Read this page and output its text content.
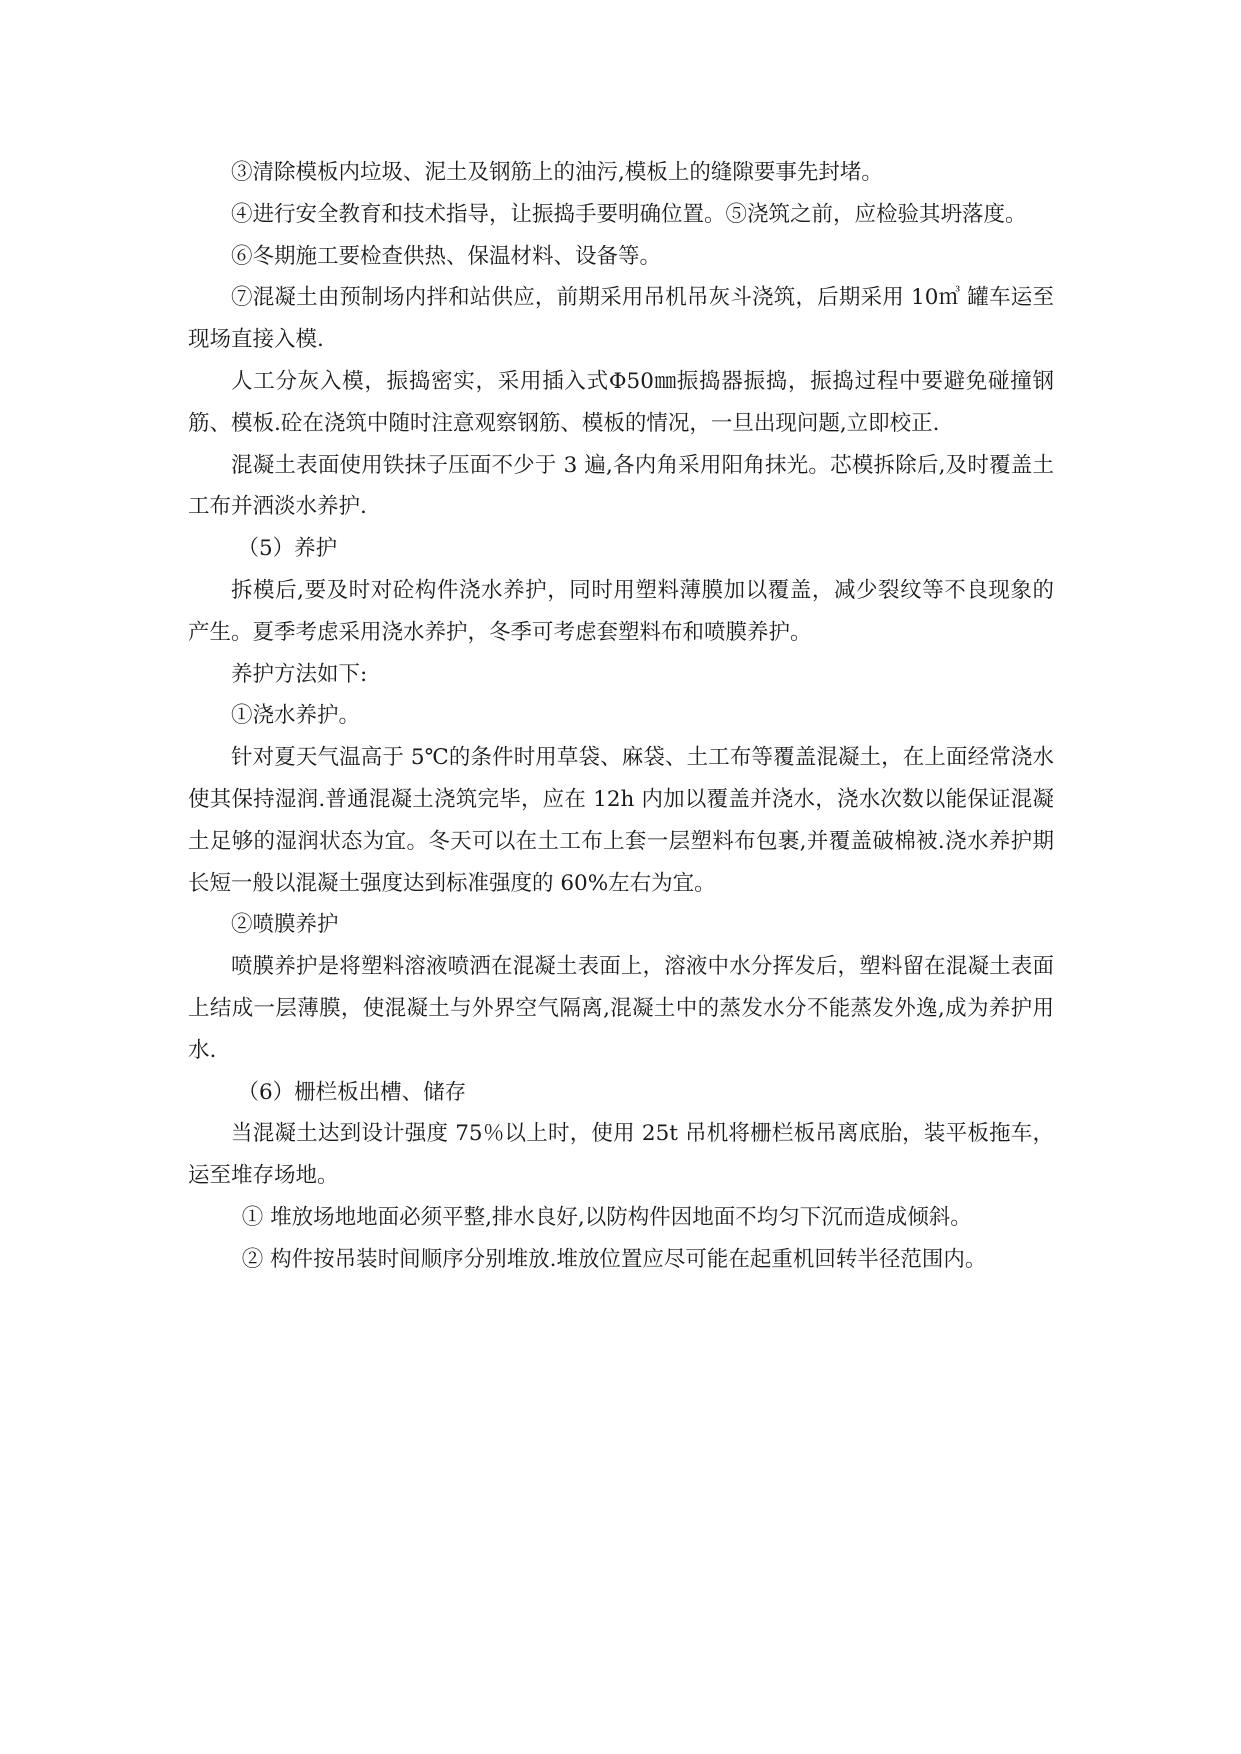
③清除模板内垃圾、泥土及钢筋上的油污,模板上的缝隙要事先封堵。

④进行安全教育和技术指导，让振捣手要明确位置。⑤浇筑之前，应检验其坍落度。

⑥冬期施工要检查供热、保温材料、设备等。

⑦混凝土由预制场内拌和站供应，前期采用吊机吊灰斗浇筑，后期采用 10㎥ 罐车运至现场直接入模.

人工分灰入模，振捣密实，采用插入式Φ50㎜振捣器振捣，振捣过程中要避免碰撞钢筋、模板.砼在浇筑中随时注意观察钢筋、模板的情况，一旦出现问题,立即校正.

混凝土表面使用铁抹子压面不少于 3 遍,各内角采用阳角抹光。芯模拆除后,及时覆盖土工布并洒淡水养护.

（5）养护

拆模后,要及时对砼构件浇水养护，同时用塑料薄膜加以覆盖，减少裂纹等不良现象的产生。夏季考虑采用浇水养护，冬季可考虑套塑料布和喷膜养护。

养护方法如下:

①浇水养护。

针对夏天气温高于 5℃的条件时用草袋、麻袋、土工布等覆盖混凝土，在上面经常浇水使其保持湿润.普通混凝土浇筑完毕，应在 12h 内加以覆盖并浇水，浇水次数以能保证混凝土足够的湿润状态为宜。冬天可以在土工布上套一层塑料布包裹,并覆盖破棉被.浇水养护期长短一般以混凝土强度达到标准强度的 60%左右为宜。

②喷膜养护

喷膜养护是将塑料溶液喷洒在混凝土表面上，溶液中水分挥发后，塑料留在混凝土表面上结成一层薄膜，使混凝土与外界空气隔离,混凝土中的蒸发水分不能蒸发外逸,成为养护用水.

（6）栅栏板出槽、储存

当混凝土达到设计强度 75％以上时，使用 25t 吊机将栅栏板吊离底胎，装平板拖车，运至堆存场地。

① 堆放场地地面必须平整,排水良好,以防构件因地面不均匀下沉而造成倾斜。

② 构件按吊装时间顺序分别堆放.堆放位置应尽可能在起重机回转半径范围内。
